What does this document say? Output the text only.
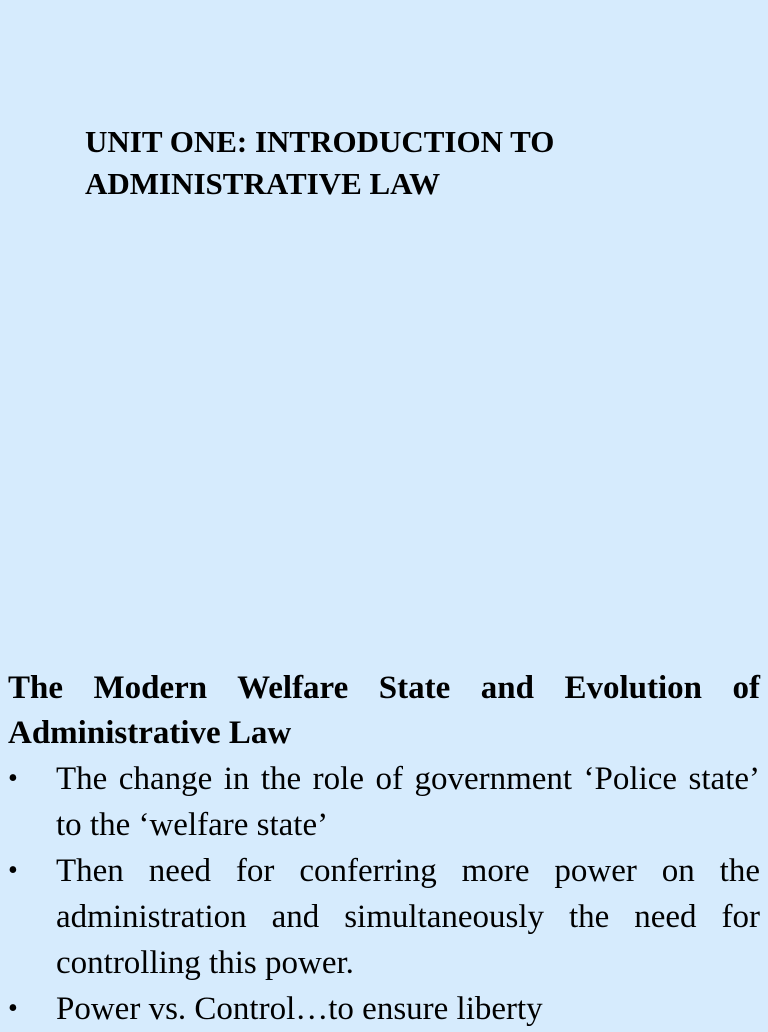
UNIT ONE: INTRODUCTION TO
ADMINISTRATIVE LAW
The Modern Welfare State and Evolution of Administrative Law
•	The change in the role of government ‘Police state’ to the ‘welfare state’
•	Then need for conferring more power on the administration and simultaneously the need for controlling this power.
•	Power vs. Control…to ensure liberty
